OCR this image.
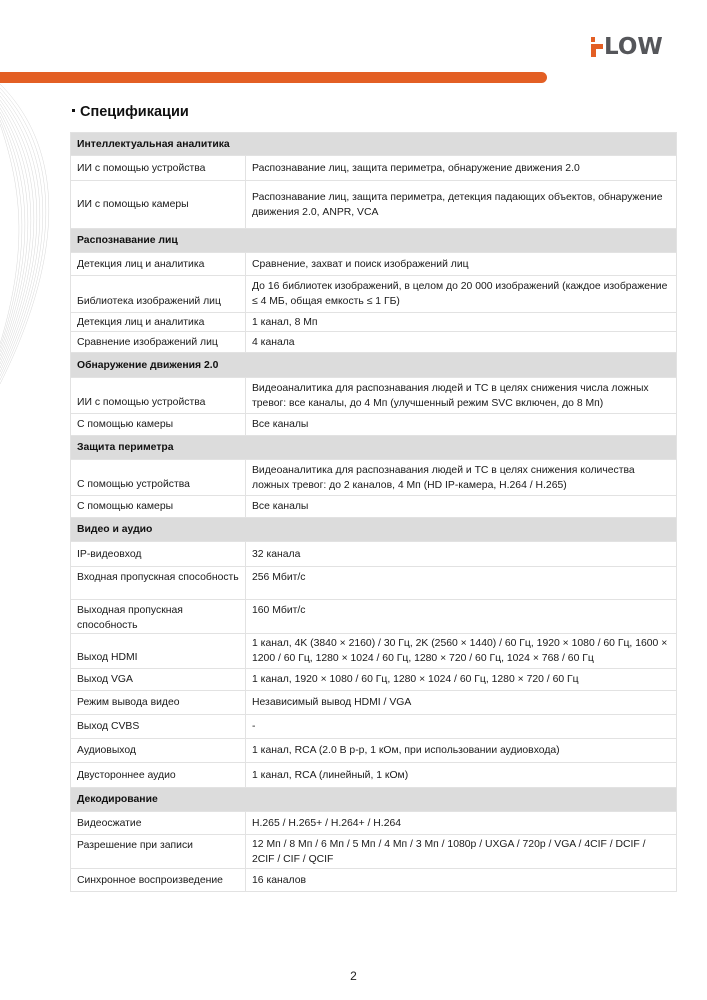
LOW
Спецификации
Интеллектуальная аналитика	
ИИ с помощью устройства	Распознавание лиц, защита периметра, обнаружение движения 2.0
ИИ с помощью камеры	Распознавание лиц, защита периметра, детекция падающих объектов, обнаружение движения 2.0, ANPR, VCA
Распознавание лиц	
Детекция лиц и аналитика	Сравнение, захват и поиск изображений лиц
Библиотека изображений лиц	До 16 библиотек изображений, в целом до 20 000 изображений (каждое изображение ≤ 4 МБ, общая емкость ≤ 1 ГБ)
Детекция лиц и аналитика	1 канал, 8 Мп
Сравнение изображений лиц	4 канала
Обнаружение движения 2.0	
ИИ с помощью устройства	Видеоаналитика для распознавания людей и ТС в целях снижения числа ложных тревог: все каналы, до 4 Мп (улучшенный режим SVC включен, до 8 Мп)
С помощью камеры	Все каналы
Защита периметра	
С помощью устройства	Видеоаналитика для распознавания людей и ТС в целях снижения количества ложных тревог: до 2 каналов, 4 Мп (HD IP-камера, H.264 / H.265)
С помощью камеры	Все каналы
Видео и аудио	
IP-видеовход	32 канала
Входная пропускная способность	256 Мбит/с
Выходная пропускная способность	160 Мбит/с
Выход HDMI	1 канал, 4K (3840 × 2160) / 30 Гц, 2K (2560 × 1440) / 60 Гц, 1920 × 1080 / 60 Гц, 1600 × 1200 / 60 Гц, 1280 × 1024 / 60 Гц, 1280 × 720 / 60 Гц, 1024 × 768 / 60 Гц
Выход VGA	1 канал, 1920 × 1080 / 60 Гц, 1280 × 1024 / 60 Гц, 1280 × 720 / 60 Гц
Режим вывода видео	Независимый вывод HDMI / VGA
Выход CVBS	-
Аудиовыход	1 канал, RCA (2.0 В p-p, 1 кОм, при использовании аудиовхода)
Двустороннее аудио	1 канал, RCA (линейный, 1 кОм)
Декодирование	
Видеосжатие	H.265 / H.265+ / H.264+ / H.264
Разрешение при записи	12 Мп / 8 Мп / 6 Мп / 5 Мп / 4 Мп / 3 Мп / 1080p / UXGA / 720p / VGA / 4CIF / DCIF / 2CIF / CIF / QCIF
Синхронное воспроизведение	16 каналов
2
